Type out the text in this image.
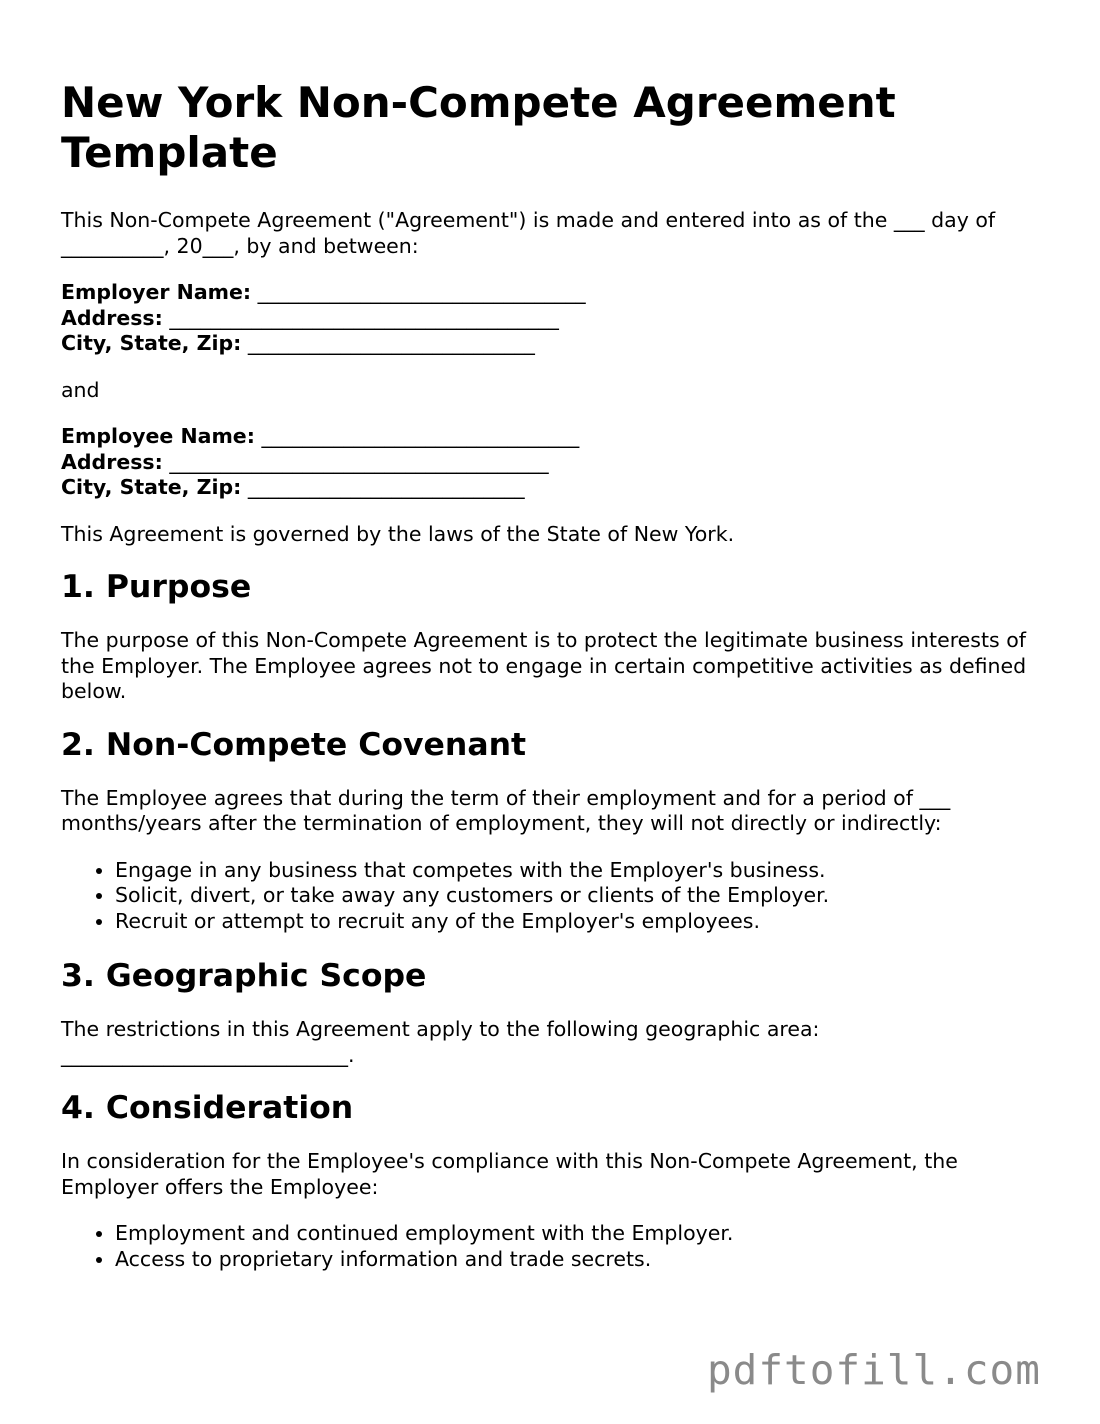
New York Non-Compete Agreement Template

This Non-Compete Agreement ("Agreement") is made and entered into as of the ___ day of __________, 20___, by and between:

Employer Name: ________________________________
Address: ______________________________________
City, State, Zip: ____________________________

and

Employee Name: _______________________________
Address: _____________________________________
City, State, Zip: ___________________________

This Agreement is governed by the laws of the State of New York.

1. Purpose

The purpose of this Non-Compete Agreement is to protect the legitimate business interests of the Employer. The Employee agrees not to engage in certain competitive activities as defined below.

2. Non-Compete Covenant

The Employee agrees that during the term of their employment and for a period of ___ months/years after the termination of employment, they will not directly or indirectly:

• Engage in any business that competes with the Employer's business.
• Solicit, divert, or take away any customers or clients of the Employer.
• Recruit or attempt to recruit any of the Employer's employees.
3. Geographic Scope

The restrictions in this Agreement apply to the following geographic area: ____________________________.

4. Consideration

In consideration for the Employee's compliance with this Non-Compete Agreement, the Employer offers the Employee:

• Employment and continued employment with the Employer.
• Access to proprietary information and trade secrets.
pdftofill.com
